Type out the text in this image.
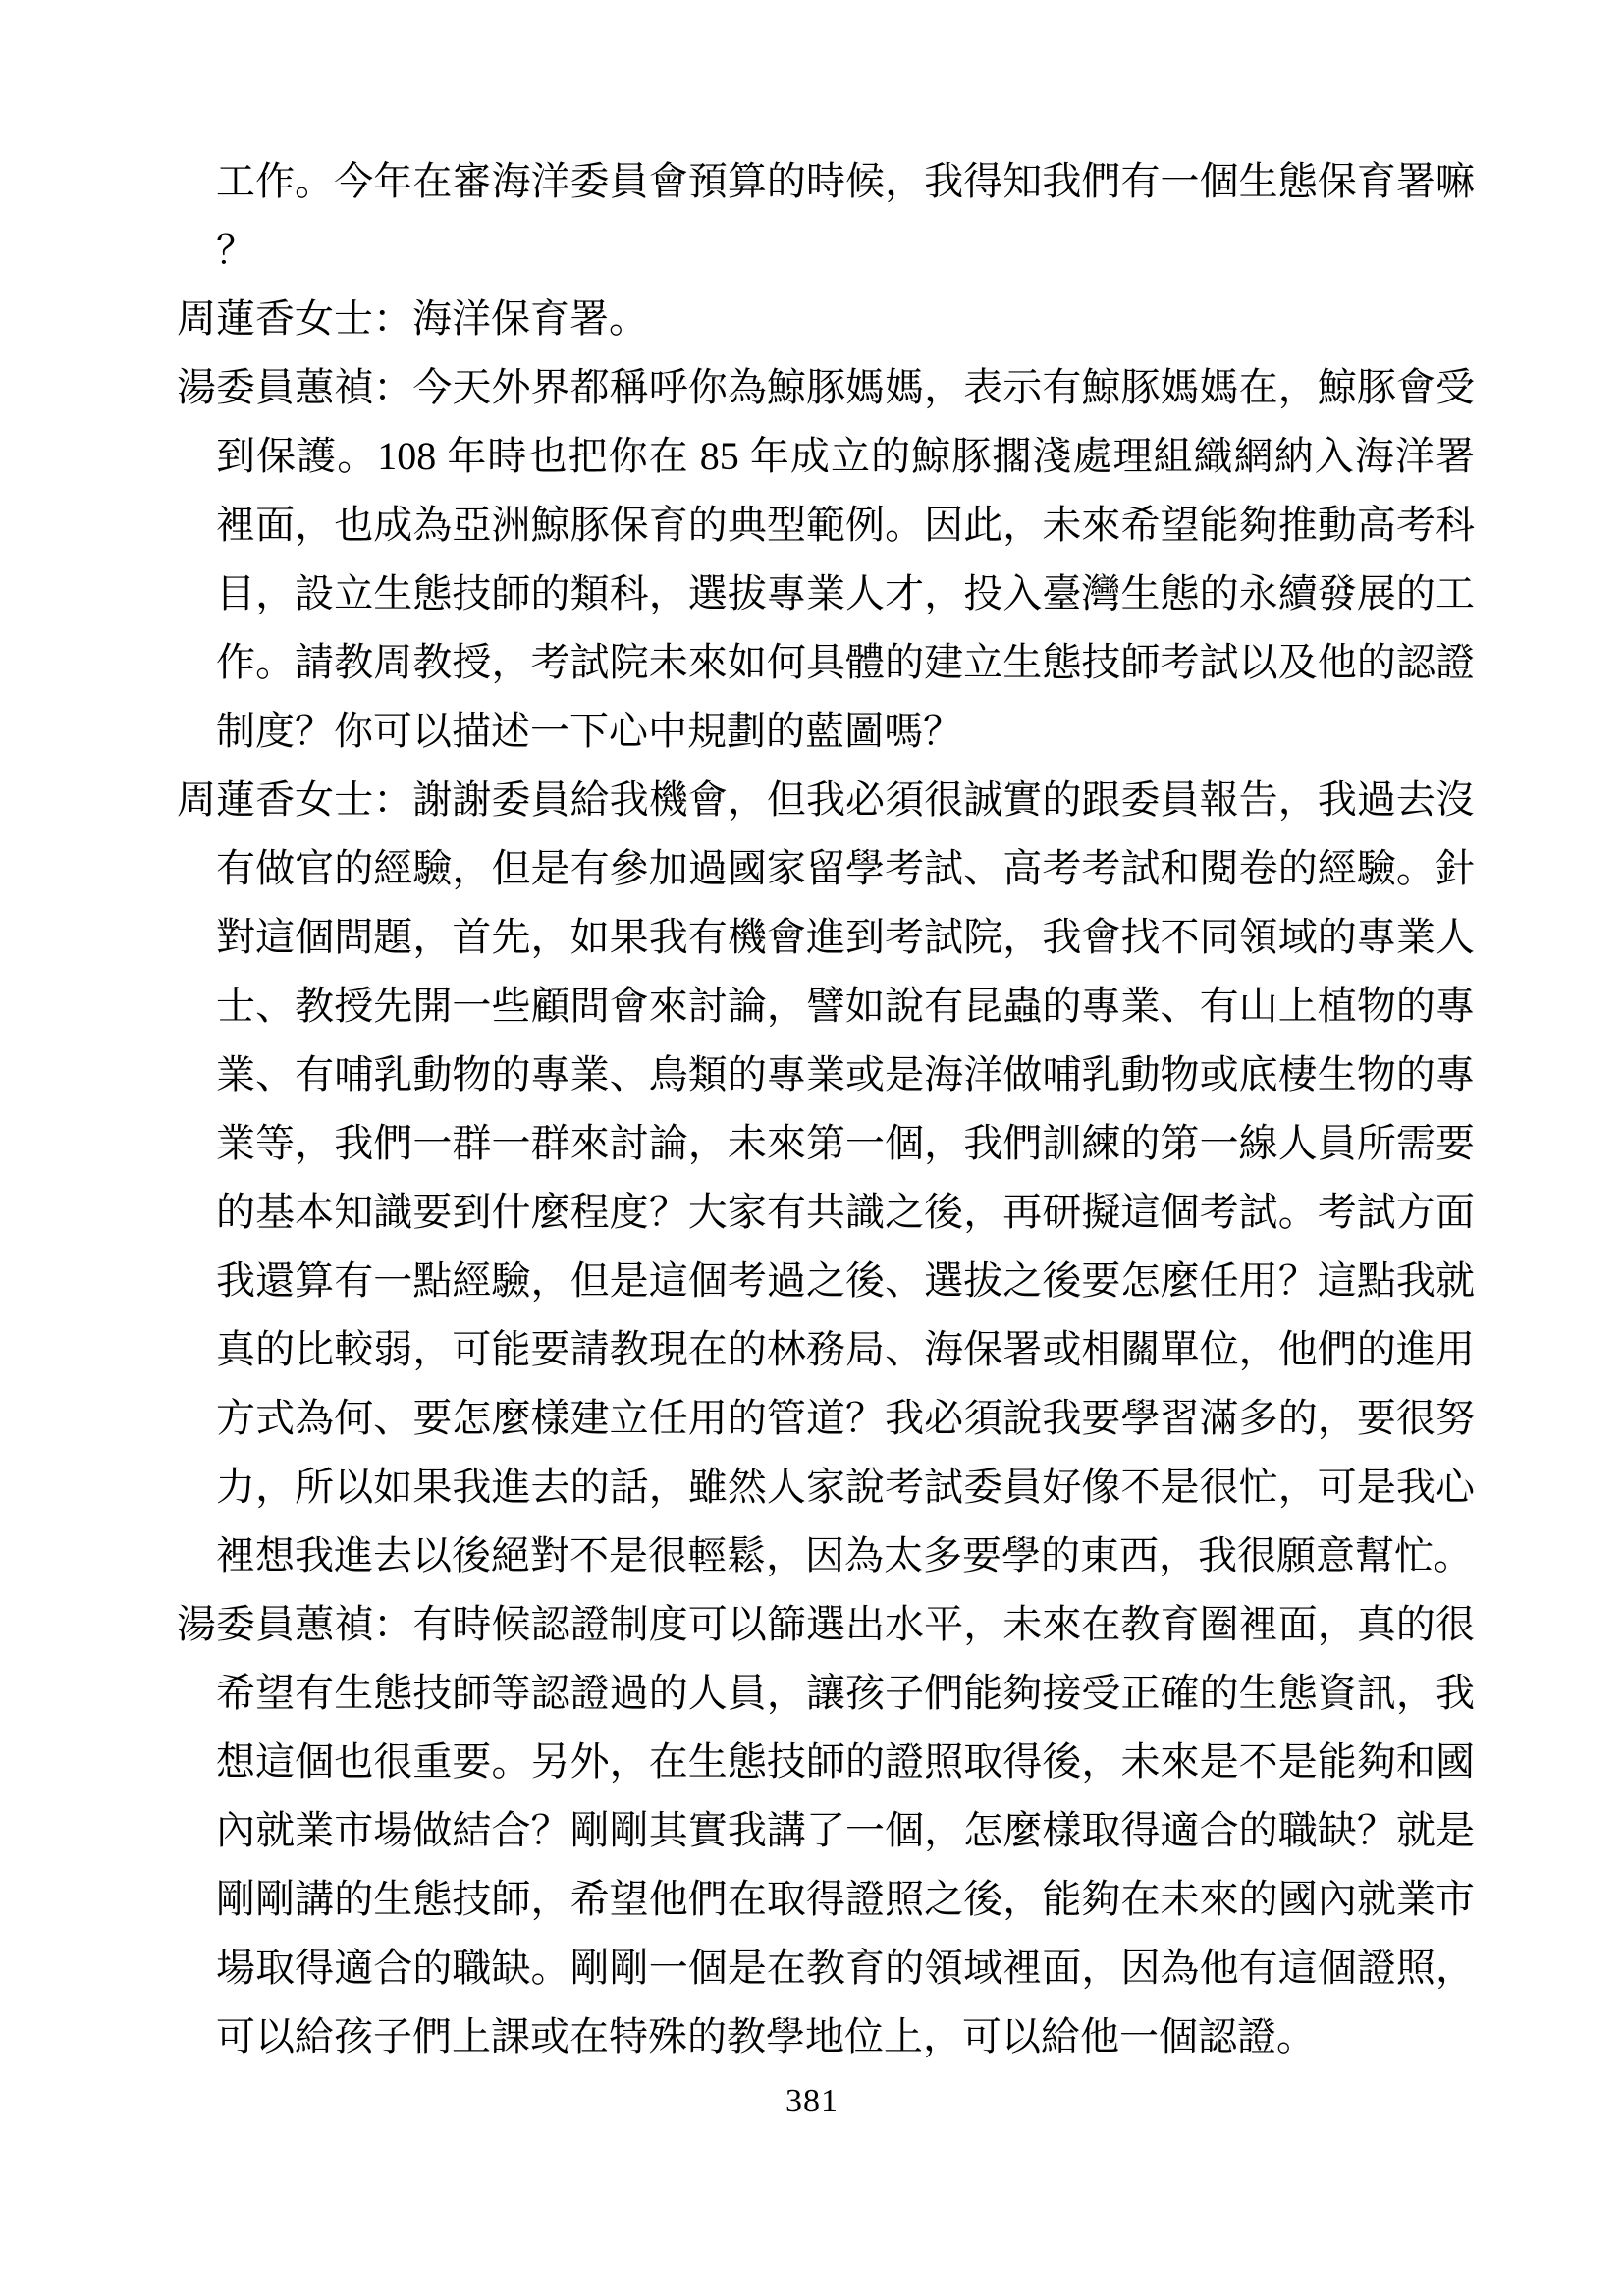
工作。今年在審海洋委員會預算的時候，我得知我們有一個生態保育署嘛？

周蓮香女士：海洋保育署。

湯委員蕙禎：今天外界都稱呼你為鯨豚媽媽，表示有鯨豚媽媽在，鯨豚會受到保護。108 年時也把你在 85 年成立的鯨豚擱淺處理組織網納入海洋署裡面，也成為亞洲鯨豚保育的典型範例。因此，未來希望能夠推動高考科目，設立生態技師的類科，選拔專業人才，投入臺灣生態的永續發展的工作。請教周教授，考試院未來如何具體的建立生態技師考試以及他的認證制度？你可以描述一下心中規劃的藍圖嗎？

周蓮香女士：謝謝委員給我機會，但我必須很誠實的跟委員報告，我過去沒有做官的經驗，但是有參加過國家留學考試、高考考試和閱卷的經驗。針對這個問題，首先，如果我有機會進到考試院，我會找不同領域的專業人士、教授先開一些顧問會來討論，譬如說有昆蟲的專業、有山上植物的專業、有哺乳動物的專業、鳥類的專業或是海洋做哺乳動物或底棲生物的專業等，我們一群一群來討論，未來第一個，我們訓練的第一線人員所需要的基本知識要到什麼程度？大家有共識之後，再研擬這個考試。考試方面我還算有一點經驗，但是這個考過之後、選拔之後要怎麼任用？這點我就真的比較弱，可能要請教現在的林務局、海保署或相關單位，他們的進用方式為何、要怎麼樣建立任用的管道？我必須說我要學習滿多的，要很努力，所以如果我進去的話，雖然人家說考試委員好像不是很忙，可是我心裡想我進去以後絕對不是很輕鬆，因為太多要學的東西，我很願意幫忙。

湯委員蕙禎：有時候認證制度可以篩選出水平，未來在教育圈裡面，真的很希望有生態技師等認證過的人員，讓孩子們能夠接受正確的生態資訊，我想這個也很重要。另外，在生態技師的證照取得後，未來是不是能夠和國內就業市場做結合？剛剛其實我講了一個，怎麼樣取得適合的職缺？就是剛剛講的生態技師，希望他們在取得證照之後，能夠在未來的國內就業市場取得適合的職缺。剛剛一個是在教育的領域裡面，因為他有這個證照，可以給孩子們上課或在特殊的教學地位上，可以給他一個認證。

381
